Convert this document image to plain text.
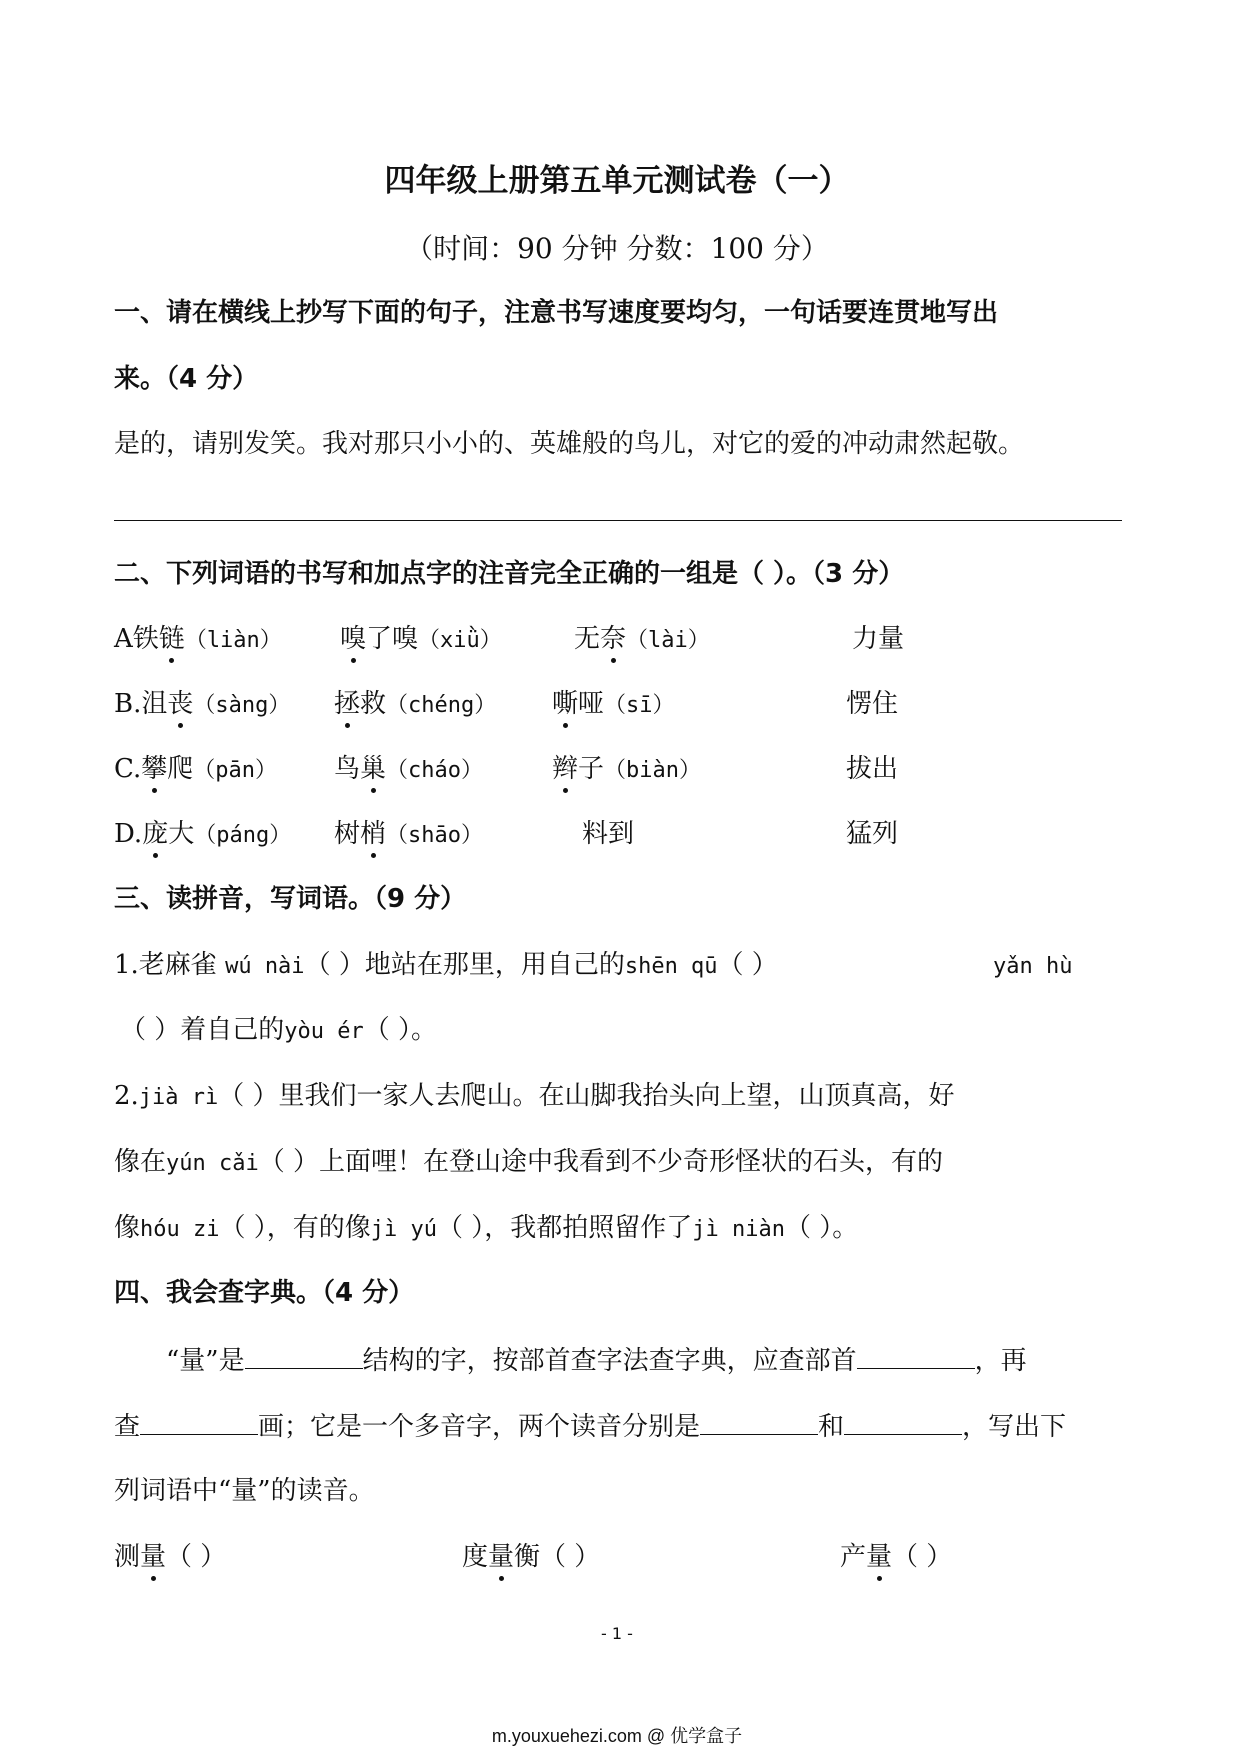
四年级上册第五单元测试卷（一）
（时间：90 分钟 分数：100 分）
一、请在横线上抄写下面的句子，注意书写速度要均匀，一句话要连贯地写出
来。（4 分）
是的，请别发笑。我对那只小小的、英雄般的鸟儿，对它的爱的冲动肃然起敬。
二、下列词语的书写和加点字的注音完全正确的一组是（ ）。（3 分）
A铁链（liàn） 嗅了嗅（xiǜ）	无奈（lài）	力量
B.沮丧（sàng） 拯救（chéng） 嘶哑（sī）	愣住
C.攀爬（pān） 鸟巢（cháo）	辫子（biàn）	拔出
D.庞大（páng） 树梢（shāo）	料到	猛列
三、读拼音，写词语。（9 分）
1.老麻雀 wú nài（ ）地站在那里，用自己的shēn qū（ ）	yǎn hù
（ ）着自己的yòu ér（ ）。
2.jià rì（ ）里我们一家人去爬山。在山脚我抬头向上望，山顶真高，好
像在yún cǎi（ ）上面哩！在登山途中我看到不少奇形怪状的石头，有的
像hóu zi（ ），有的像jì yú（ ），我都拍照留作了jì niàn（ ）。
四、我会查字典。（4 分）
“量”是	结构的字，按部首查字法查字典，应查部首	，再
查	画；它是一个多音字，两个读音分别是	和	，写出下
列词语中“量”的读音。
测量（ ）	度量衡（ ）	产量（ ）
- 1 -
m.youxuehezi.com @ 优学盒子
